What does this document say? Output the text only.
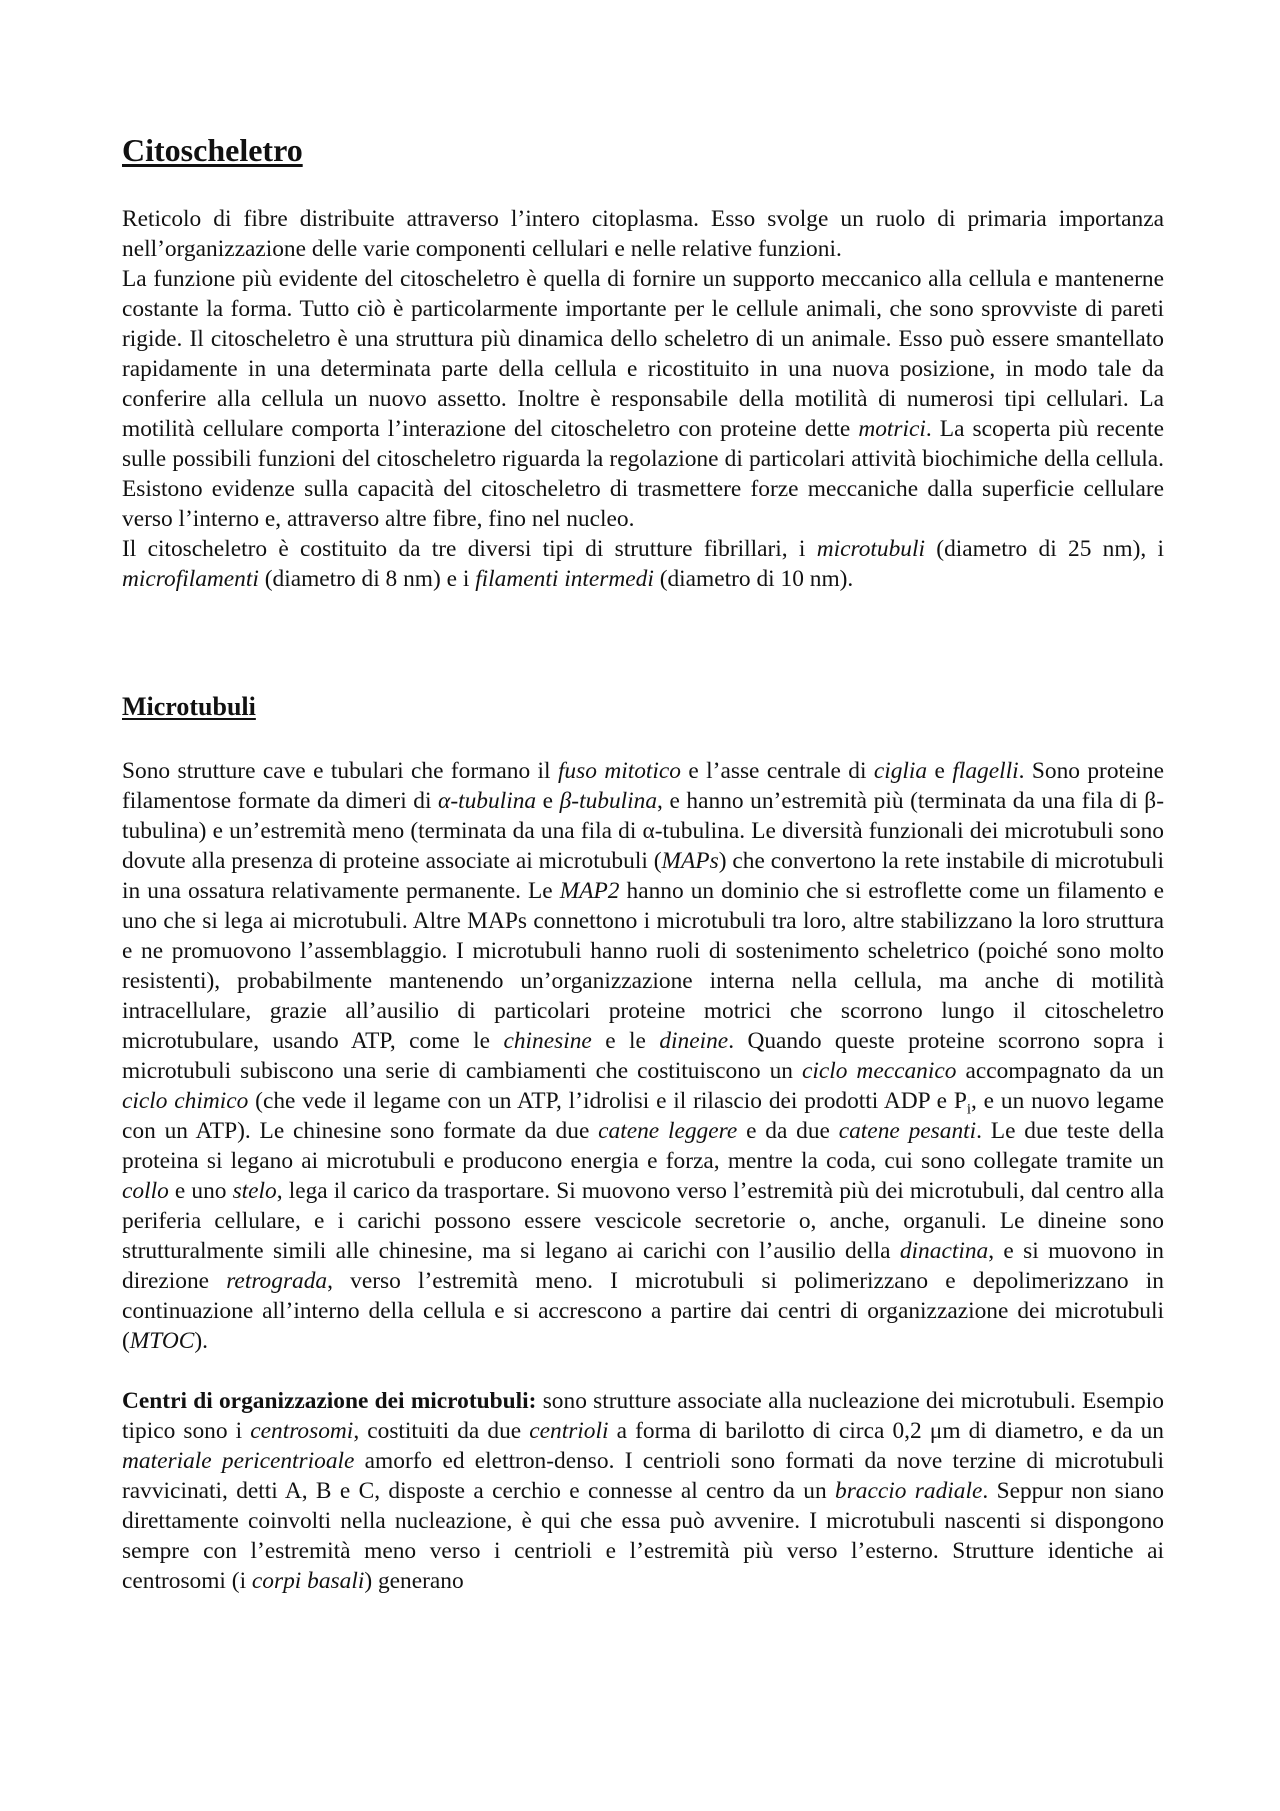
Citoscheletro

Reticolo di fibre distribuite attraverso l’intero citoplasma. Esso svolge un ruolo di primaria importanza nell’organizzazione delle varie componenti cellulari e nelle relative funzioni.

La funzione più evidente del citoscheletro è quella di fornire un supporto meccanico alla cellula e mantenerne costante la forma. Tutto ciò è particolarmente importante per le cellule animali, che sono sprovviste di pareti rigide. Il citoscheletro è una struttura più dinamica dello scheletro di un animale. Esso può essere smantellato rapidamente in una determinata parte della cellula e ricostituito in una nuova posizione, in modo tale da conferire alla cellula un nuovo assetto. Inoltre è responsabile della motilità di numerosi tipi cellulari. La motilità cellulare comporta l’interazione del citoscheletro con proteine dette motrici. La scoperta più recente sulle possibili funzioni del citoscheletro riguarda la regolazione di particolari attività biochimiche della cellula. Esistono evidenze sulla capacità del citoscheletro di trasmettere forze meccaniche dalla superficie cellulare verso l’interno e, attraverso altre fibre, fino nel nucleo.

Il citoscheletro è costituito da tre diversi tipi di strutture fibrillari, i microtubuli (diametro di 25 nm), i microfilamenti (diametro di 8 nm) e i filamenti intermedi (diametro di 10 nm).

Microtubuli

Sono strutture cave e tubulari che formano il fuso mitotico e l’asse centrale di ciglia e flagelli. Sono proteine filamentose formate da dimeri di α-tubulina e β-tubulina, e hanno un’estremità più (terminata da una fila di β-tubulina) e un’estremità meno (terminata da una fila di α-tubulina. Le diversità funzionali dei microtubuli sono dovute alla presenza di proteine associate ai microtubuli (MAPs) che convertono la rete instabile di microtubuli in una ossatura relativamente permanente. Le MAP2 hanno un dominio che si estroflette come un filamento e uno che si lega ai microtubuli. Altre MAPs connettono i microtubuli tra loro, altre stabilizzano la loro struttura e ne promuovono l’assemblaggio. I microtubuli hanno ruoli di sostenimento scheletrico (poiché sono molto resistenti), probabilmente mantenendo un’organizzazione interna nella cellula, ma anche di motilità intracellulare, grazie all’ausilio di particolari proteine motrici che scorrono lungo il citoscheletro microtubulare, usando ATP, come le chinesine e le dineine. Quando queste proteine scorrono sopra i microtubuli subiscono una serie di cambiamenti che costituiscono un ciclo meccanico accompagnato da un ciclo chimico (che vede il legame con un ATP, l’idrolisi e il rilascio dei prodotti ADP e $P_i$, e un nuovo legame con un ATP). Le chinesine sono formate da due catene leggere e da due catene pesanti. Le due teste della proteina si legano ai microtubuli e producono energia e forza, mentre la coda, cui sono collegate tramite un collo e uno stelo, lega il carico da trasportare. Si muovono verso l’estremità più dei microtubuli, dal centro alla periferia cellulare, e i carichi possono essere vescicole secretorie o, anche, organuli. Le dineine sono strutturalmente simili alle chinesine, ma si legano ai carichi con l’ausilio della dinactina, e si muovono in direzione retrograda, verso l’estremità meno. I microtubuli si polimerizzano e depolimerizzano in continuazione all’interno della cellula e si accrescono a partire dai centri di organizzazione dei microtubuli (MTOC).

Centri di organizzazione dei microtubuli: sono strutture associate alla nucleazione dei microtubuli. Esempio tipico sono i centrosomi, costituiti da due centrioli a forma di barilotto di circa 0,2 μm di diametro, e da un materiale pericentrioale amorfo ed elettron-denso. I centrioli sono formati da nove terzine di microtubuli ravvicinati, detti A, B e C, disposte a cerchio e connesse al centro da un braccio radiale. Seppur non siano direttamente coinvolti nella nucleazione, è qui che essa può avvenire. I microtubuli nascenti si dispongono sempre con l’estremità meno verso i centrioli e l’estremità più verso l’esterno. Strutture identiche ai centrosomi (i corpi basali) generano
